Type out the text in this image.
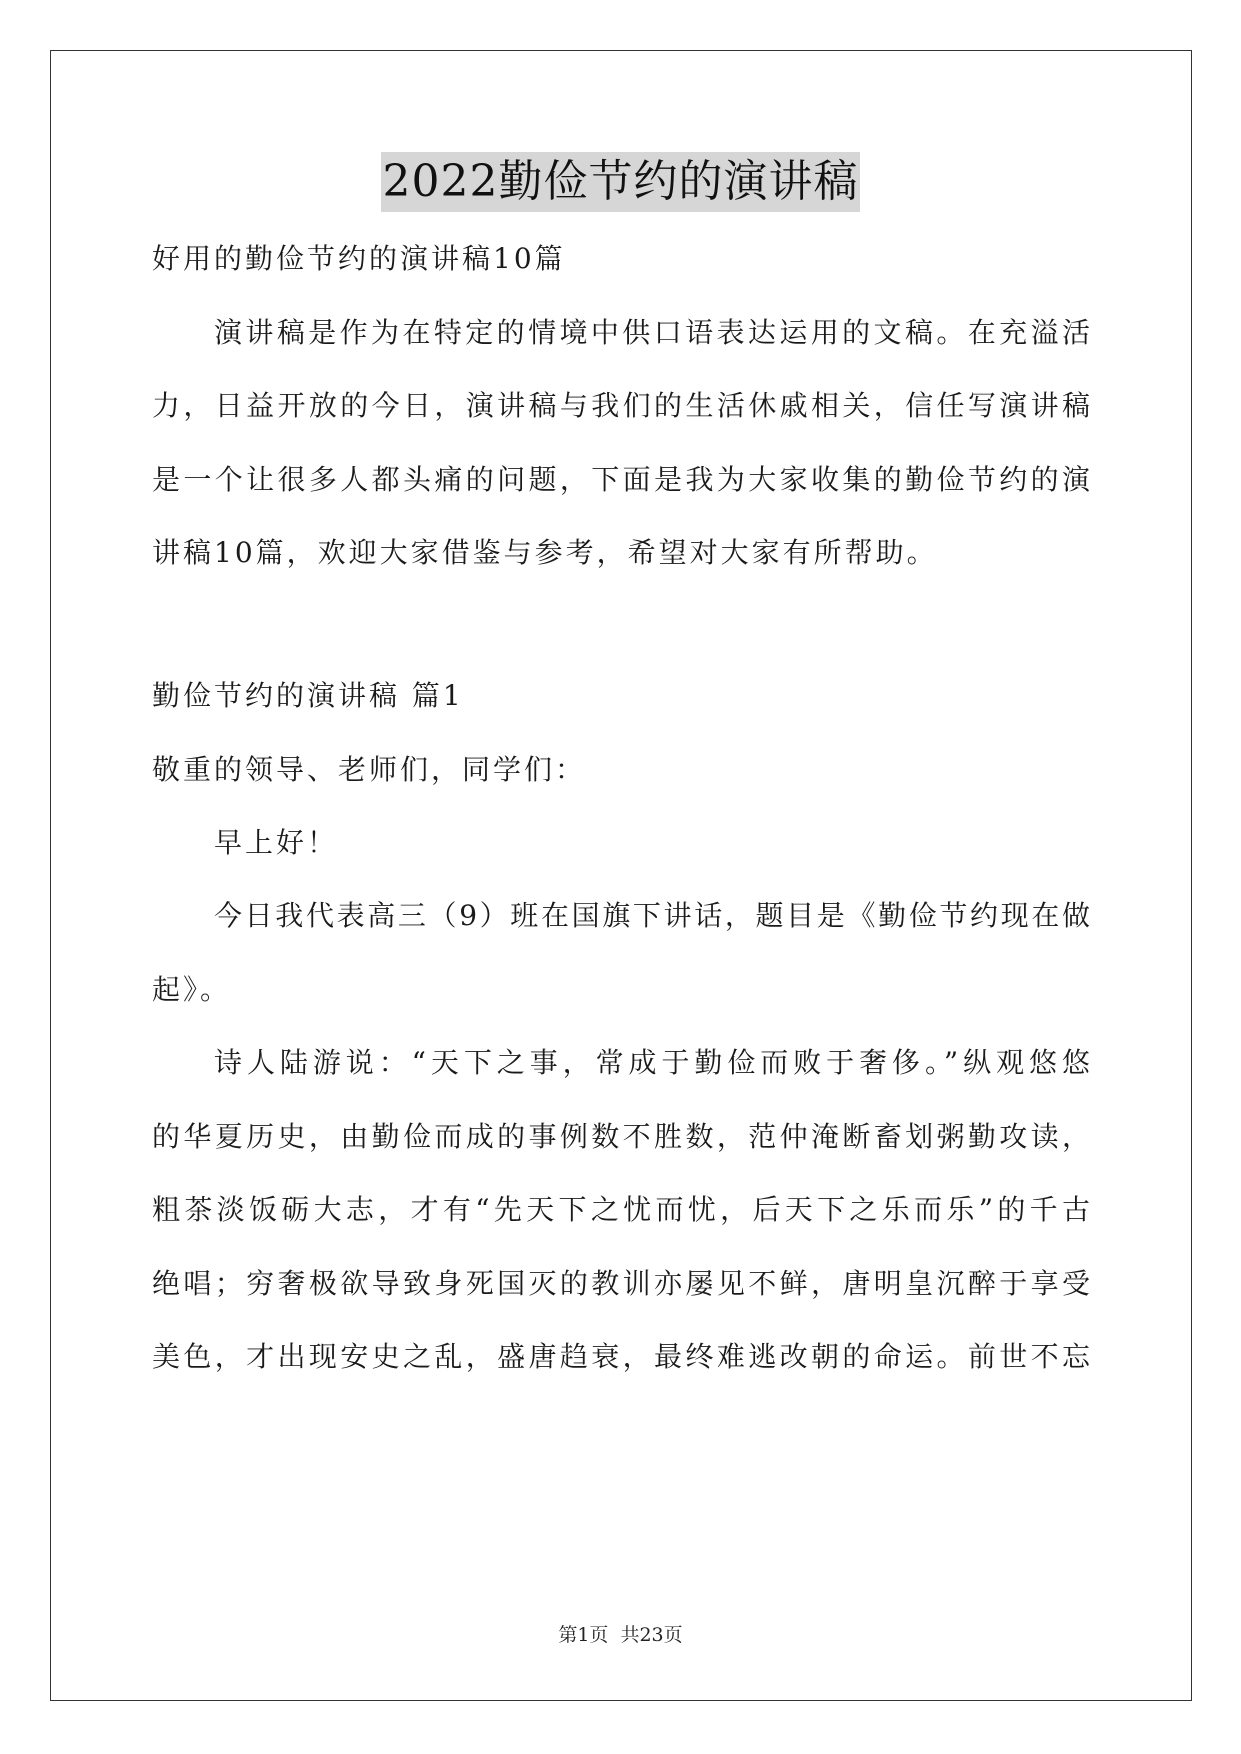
2022勤俭节约的演讲稿
好用的勤俭节约的演讲稿10篇
演讲稿是作为在特定的情境中供口语表达运用的文稿。在充溢活
力，日益开放的今日，演讲稿与我们的生活休戚相关，信任写演讲稿
是一个让很多人都头痛的问题，下面是我为大家收集的勤俭节约的演
讲稿10篇，欢迎大家借鉴与参考，希望对大家有所帮助。
勤俭节约的演讲稿 篇1
敬重的领导、老师们，同学们：
早上好！
今日我代表高三（9）班在国旗下讲话，题目是《勤俭节约现在做
起》。
诗人陆游说：“天下之事，常成于勤俭而败于奢侈。”纵观悠悠
的华夏历史，由勤俭而成的事例数不胜数，范仲淹断畜划粥勤攻读，
粗茶淡饭砺大志，才有“先天下之忧而忧，后天下之乐而乐”的千古
绝唱；穷奢极欲导致身死国灭的教训亦屡见不鲜，唐明皇沉醉于享受
美色，才出现安史之乱，盛唐趋衰，最终难逃改朝的命运。前世不忘
第1页 共23页
